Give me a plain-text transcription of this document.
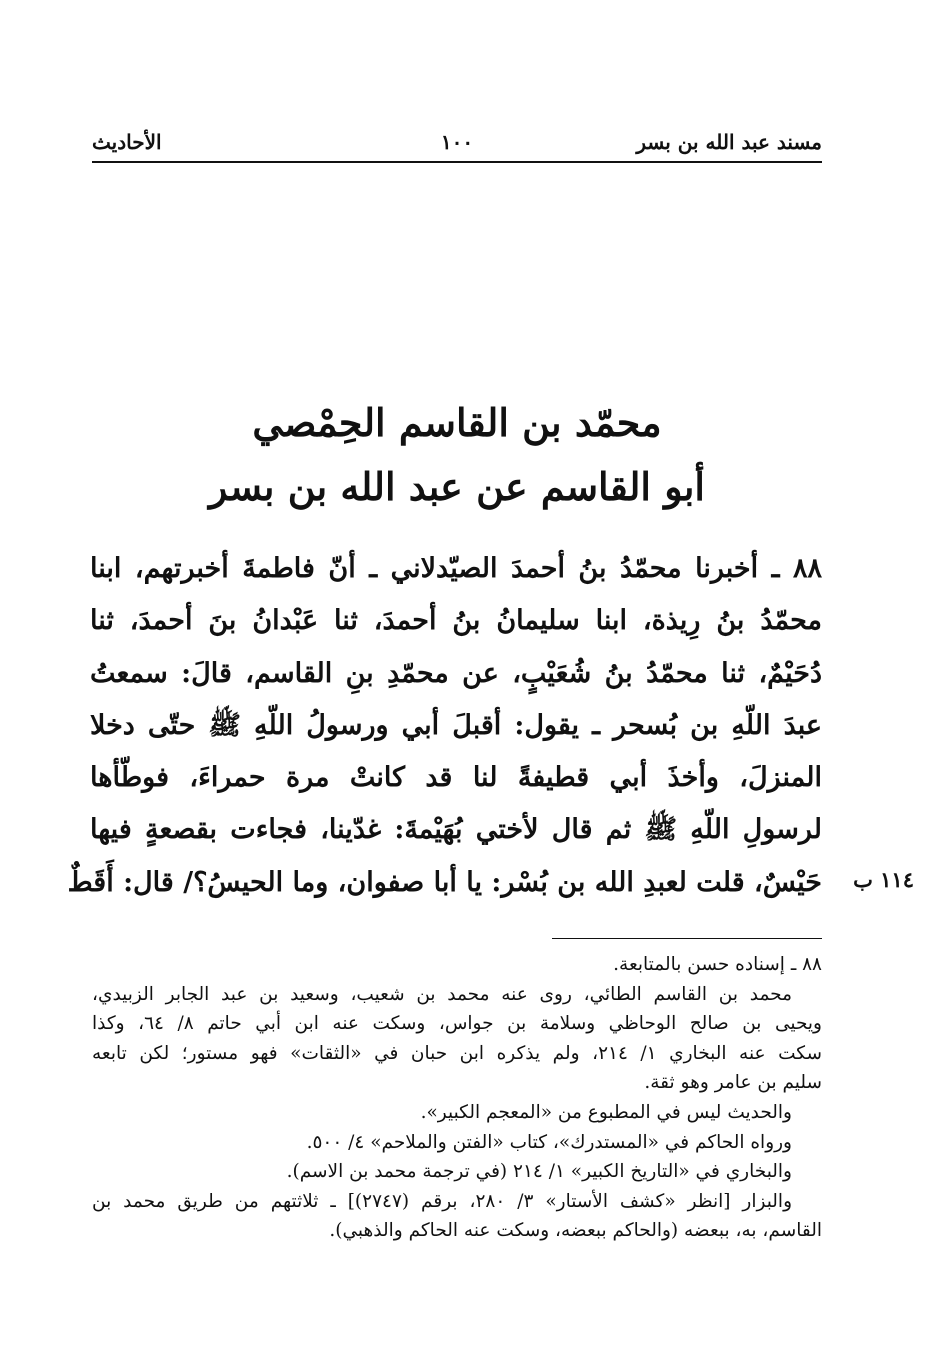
مسند عبد الله بن بسر
١٠٠
الأحاديث
محمّد بن القاسم الحِمْصي
أبو القاسم عن عبد الله بن بسر
٨٨ ـ أخبرنا محمّدُ بنُ أحمدَ الصيّدلاني ـ أنّ فاطمةَ أخبرتهم، ابنا
محمّدُ بنُ رِيذة، ابنا سليمانُ بنُ أحمدَ، ثنا عَبْدانُ بنَ أحمدَ، ثنا
دُحَيْمٌ، ثنا محمّدُ بنُ شُعَيْبٍ، عن محمّدِ بنِ القاسم، قالَ: سمعتُ
عبدَ اللّهِ بن بُسحر ـ يقول: أقبلَ أبي ورسولُ اللّهِ ﷺ حتّى دخلا
المنزلَ، وأخذَ أبي قطيفةً لنا قد كانتْ مرة حمراءَ، فوطّأها
لرسولِ اللّهِ ﷺ ثم قال لأختي بُهَيْمةَ: غدّينا، فجاءت بقصعةٍ فيها
حَيْسٌ، قلت لعبدِ الله بن بُسْر: يا أبا صفوان، وما الحيسُ؟/ قال: أَقَطٌ	١١٤ ب
٨٨ ـ إسناده حسن بالمتابعة.
محمد بن القاسم الطائي، روى عنه محمد بن شعيب، وسعيد بن عبد الجابر الزبيدي،
ويحيى بن صالح الوحاظي وسلامة بن جواس، وسكت عنه ابن أبي حاتم ٨/ ٦٤، وكذا
سكت عنه البخاري ١/ ٢١٤، ولم يذكره ابن حبان في «الثقات» فهو مستور؛ لكن تابعه
سليم بن عامر وهو ثقة.
والحديث ليس في المطبوع من «المعجم الكبير».
ورواه الحاكم في «المستدرك»، كتاب «الفتن والملاحم» ٤/ ٥٠٠.
والبخاري في «التاريخ الكبير» ١/ ٢١٤ (في ترجمة محمد بن الاسم).
والبزار [انظر «كشف الأستار» ٣/ ٢٨٠، برقم (٢٧٤٧)] ـ ثلاثتهم من طريق محمد بن
القاسم، به، ببعضه (والحاكم ببعضه، وسكت عنه الحاكم والذهبي).
